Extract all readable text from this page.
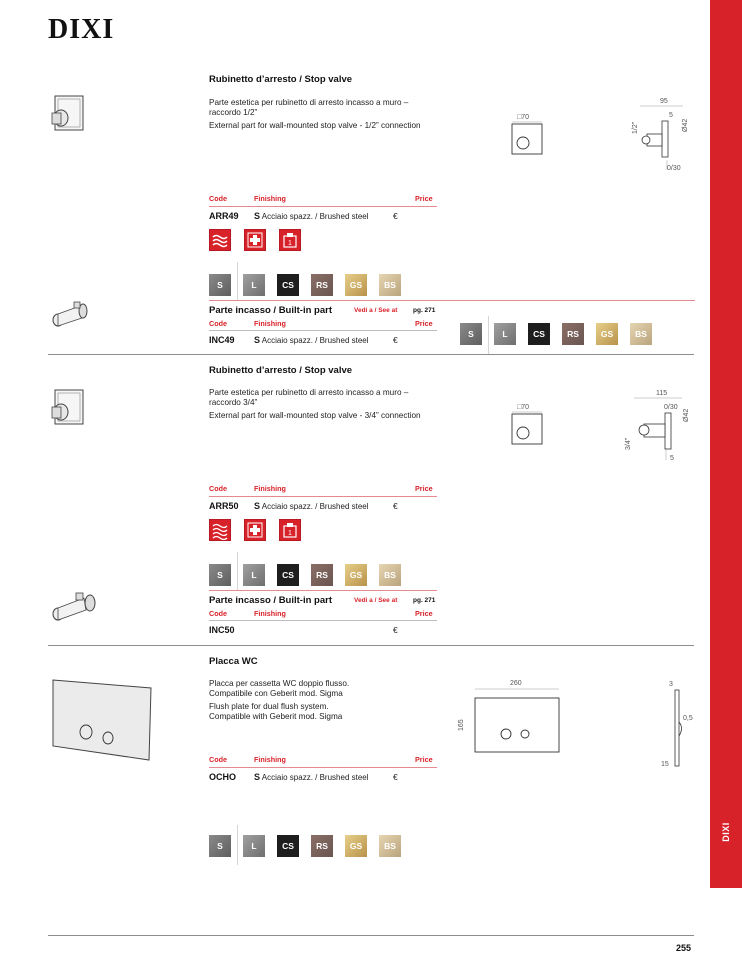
DIXI
DIXI
Rubinetto d’arresto / Stop valve
Parte estetica per rubinetto di arresto incasso a muro – raccordo 1/2”
External part for wall-mounted stop valve - 1/2” connection
□70
95
5
1/2”	Ø42
0/30
Code	Finishing	Price
ARR49 S Acciaio spazz. / Brushed steel	€
1
S	L	CS	RS	GS	BS
Parte incasso / Built-in part	Vedi a / See at pg. 271
Code	Finishing	Price
INC49 S Acciaio spazz. / Brushed steel	€
S	L	CS	RS	GS	BS
Rubinetto d’arresto / Stop valve
Parte estetica per rubinetto di arresto incasso a muro – raccordo 3/4”
External part for wall-mounted stop valve - 3/4” connection
□70
115
0/30
3/4”
Ø42
5
Code	Finishing	Price
ARR50 S Acciaio spazz. / Brushed steel	€
1
S	L	CS	RS	GS	BS
Parte incasso / Built-in part	Vedi a / See at pg. 271
Code	Finishing	Price
INC50	€
Placca WC
Placca per cassetta WC doppio flusso.
Compatibile con Geberit mod. Sigma
Flush plate for dual flush system.
Compatible with Geberit mod. Sigma
260
165
3
0,5
15
Code	Finishing	Price
OCHO S Acciaio spazz. / Brushed steel	€
S	L	CS	RS	GS	BS
255
